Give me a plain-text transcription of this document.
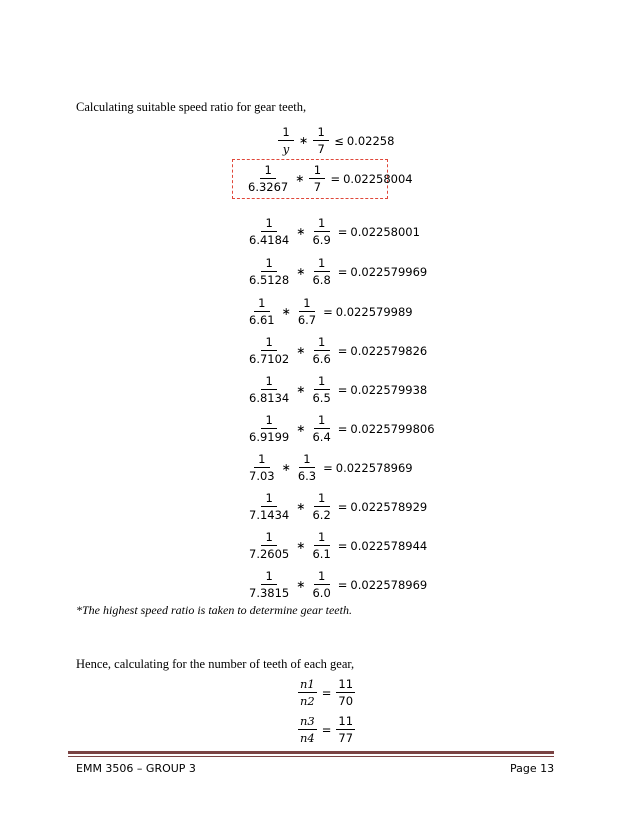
Calculating suitable speed ratio for gear teeth,
$\frac{1}{y}$ ∗ $\frac{1}{7} \le 0.02258$
$\frac{1}{6.3267}$ ∗ $\frac{1}{7} = 0.02258004$
$\frac{1}{6.4184}$ ∗ $\frac{1}{6.9} = 0.02258001$
$\frac{1}{6.5128}$ ∗ $\frac{1}{6.8} = 0.022579969$
$\frac{1}{6.61}$ ∗ $\frac{1}{6.7} = 0.022579989$
$\frac{1}{6.7102}$ ∗ $\frac{1}{6.6} = 0.022579826$
$\frac{1}{6.8134}$ ∗ $\frac{1}{6.5} = 0.022579938$
$\frac{1}{6.9199}$ ∗ $\frac{1}{6.4} = 0.0225799806$
$\frac{1}{7.03}$ ∗ $\frac{1}{6.3} = 0.022578969$
$\frac{1}{7.1434}$ ∗ $\frac{1}{6.2} = 0.022578929$
$\frac{1}{7.2605}$ ∗ $\frac{1}{6.1} = 0.022578944$
$\frac{1}{7.3815}$ ∗ $\frac{1}{6.0} = 0.022578969$
*The highest speed ratio is taken to determine gear teeth.
Hence, calculating for the number of teeth of each gear,
$\frac{n1}{n2} = \frac{11}{70}$
$\frac{n3}{n4} = \frac{11}{77}$
EMM 3506 – GROUP 3	Page 13
